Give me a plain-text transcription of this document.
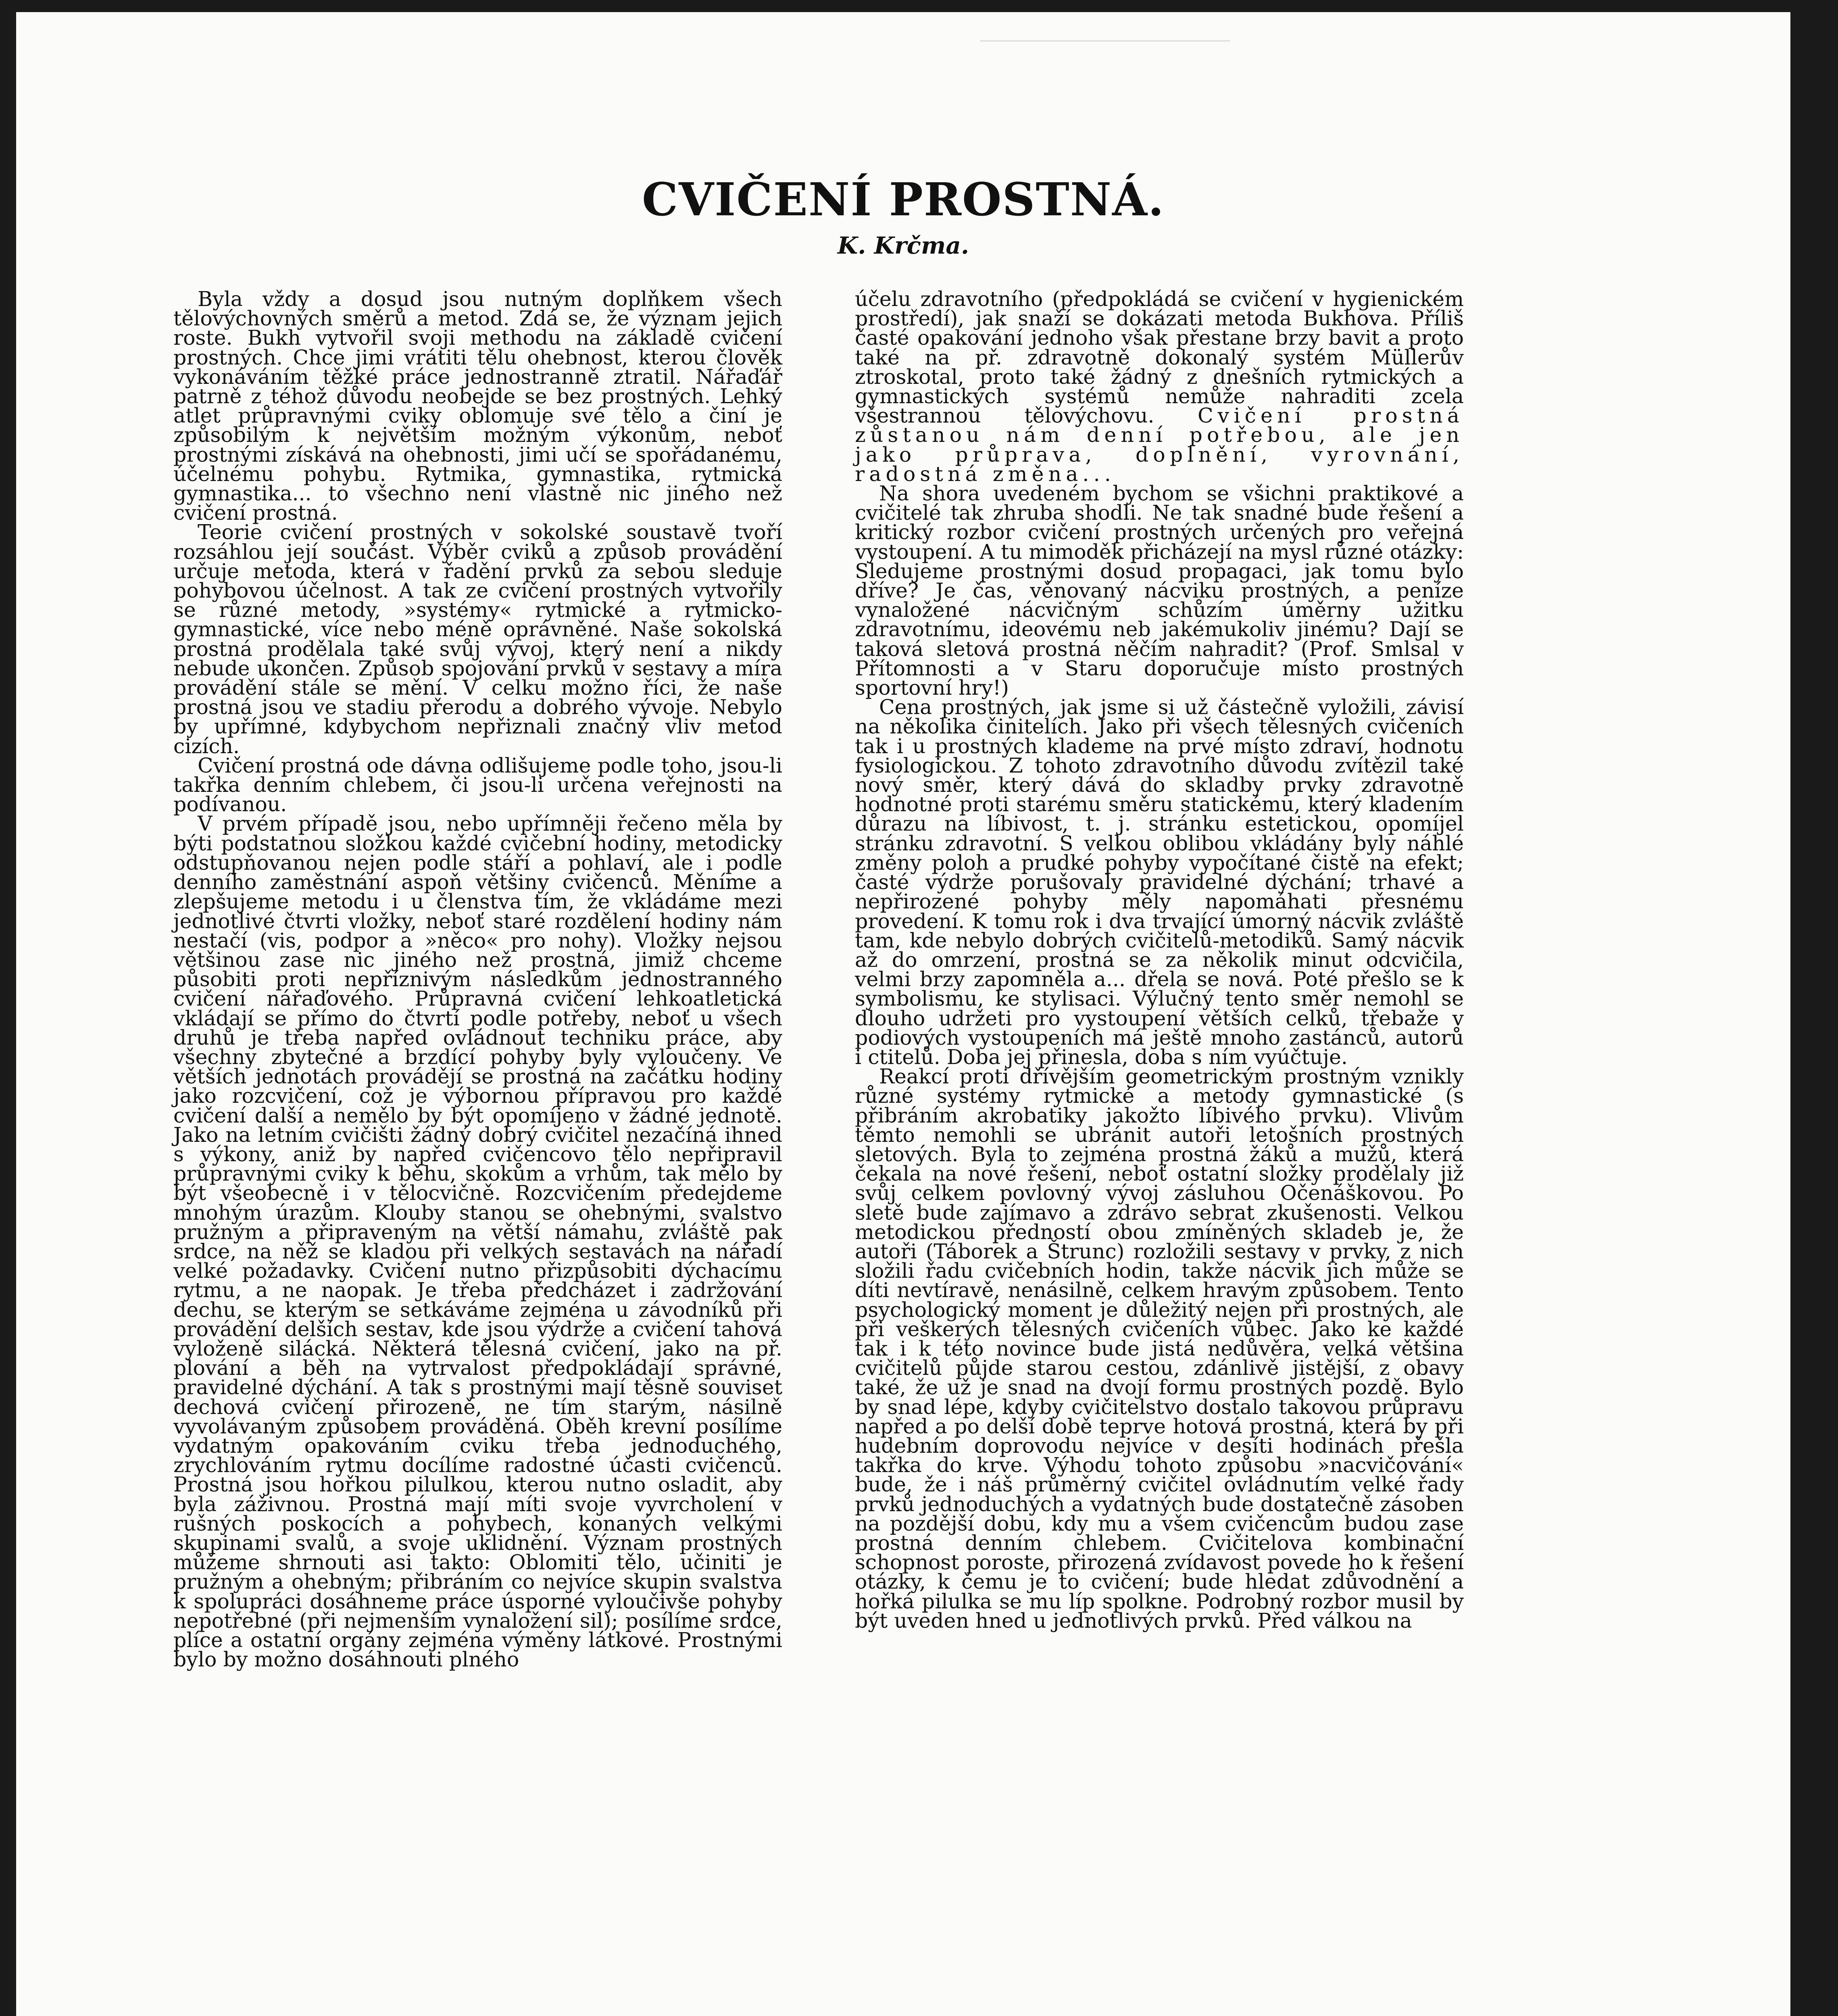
CVIČENÍ PROSTNÁ.

K. Krčma.

Byla vždy a dosud jsou nutným doplňkem všech tělovýchovných směrů a metod. Zdá se, že význam jejich roste. Bukh vytvořil svoji methodu na základě cvičení prostných. Chce jimi vrátiti tělu ohebnost, kterou člověk vykonáváním těžké práce jednostranně ztratil. Nářaďář patrně z téhož důvodu neobejde se bez prostných. Lehký atlet průpravnými cviky oblomuje své tělo a činí je způsobilým k největším možným výkonům, neboť prostnými získává na ohebnosti, jimi učí se spořádanému, účelnému pohybu. Rytmika, gymnastika, rytmická gymnastika... to všechno není vlastně nic jiného než cvičení prostná.

Teorie cvičení prostných v sokolské soustavě tvoří rozsáhlou její součást. Výběr cviků a způsob provádění určuje metoda, která v řadění prvků za sebou sleduje pohybovou účelnost. A tak ze cvičení prostných vytvořily se různé metody, »systémy« rytmické a rytmicko-gymnastické, více nebo méně oprávněné. Naše sokolská prostná prodělala také svůj vývoj, který není a nikdy nebude ukončen. Způsob spojování prvků v sestavy a míra provádění stále se mění. V celku možno říci, že naše prostná jsou ve stadiu přerodu a dobrého vývoje. Nebylo by upřímné, kdybychom nepřiznali značný vliv metod cizích.

Cvičení prostná ode dávna odlišujeme podle toho, jsou-li takřka denním chlebem, či jsou-li určena veřejnosti na podívanou.

V prvém případě jsou, nebo upřímněji řečeno měla by býti podstatnou složkou každé cvičební hodiny, metodicky odstupňovanou nejen podle stáří a pohlaví, ale i podle denního zaměstnání aspoň většiny cvičenců. Měníme a zlepšujeme metodu i u členstva tím, že vkládáme mezi jednotlivé čtvrti vložky, neboť staré rozdělení hodiny nám nestačí (vis, podpor a »něco« pro nohy). Vložky nejsou většinou zase nic jiného než prostná, jimiž chceme působiti proti nepříznivým následkům jednostranného cvičení nářaďového. Průpravná cvičení lehkoatletická vkládají se přímo do čtvrtí podle potřeby, neboť u všech druhů je třeba napřed ovládnout techniku práce, aby všechny zbytečné a brzdící pohyby byly vyloučeny. Ve větších jednotách provádějí se prostná na začátku hodiny jako rozcvičení, což je výbornou přípravou pro každé cvičení další a nemělo by být opomíjeno v žádné jednotě. Jako na letním cvičišti žádný dobrý cvičitel nezačíná ihned s výkony, aniž by napřed cvičencovo tělo nepřipravil průpravnými cviky k běhu, skokům a vrhům, tak mělo by být všeobecně i v tělocvičně. Rozcvičením předejdeme mnohým úrazům. Klouby stanou se ohebnými, svalstvo pružným a připraveným na větší námahu, zvláště pak srdce, na něž se kladou při velkých sestavách na nářadí velké požadavky. Cvičení nutno přizpůsobiti dýchacímu rytmu, a ne naopak. Je třeba předcházet i zadržování dechu, se kterým se setkáváme zejména u závodníků při provádění delších sestav, kde jsou výdrže a cvičení tahová vyloženě silácká. Některá tělesná cvičení, jako na př. plování a běh na vytrvalost předpokládají správné, pravidelné dýchání. A tak s prostnými mají těsně souviset dechová cvičení přirozeně, ne tím starým, násilně vyvolávaným způsobem prováděná. Oběh krevní posílíme vydatným opakováním cviku třeba jednoduchého, zrychlováním rytmu docílíme radostné účasti cvičenců. Prostná jsou hořkou pilulkou, kterou nutno osladit, aby byla záživnou. Prostná mají míti svoje vyvrcholení v rušných poskocích a pohybech, konaných velkými skupinami svalů, a svoje uklidnění. Význam prostných můžeme shrnouti asi takto: Oblomiti tělo, učiniti je pružným a ohebným; přibráním co nejvíce skupin svalstva k spolupráci dosáhneme práce úsporné vyloučivše pohyby nepotřebné (při nejmenším vynaložení sil); posílíme srdce, plíce a ostatní orgány zejména výměny látkové. Prostnými bylo by možno dosáhnouti plného

účelu zdravotního (předpokládá se cvičení v hygienickém prostředí), jak snaží se dokázati metoda Bukhova. Příliš časté opakování jednoho však přestane brzy bavit a proto také na př. zdravotně dokonalý systém Müllerův ztroskotal, proto také žádný z dnešních rytmických a gymnastických systémů nemůže nahraditi zcela všestrannou tělovýchovu. Cvičení prostná zůstanou nám denní potřebou, ale jen jako průprava, doplnění, vyrovnání, radostná změna...

Na shora uvedeném bychom se všichni praktikové a cvičitelé tak zhruba shodli. Ne tak snadné bude řešení a kritický rozbor cvičení prostných určených pro veřejná vystoupení. A tu mimoděk přicházejí na mysl různé otázky: Sledujeme prostnými dosud propagaci, jak tomu bylo dříve? Je čas, věnovaný nácviku prostných, a peníze vynaložené nácvičným schůzím úměrny užitku zdravotnímu, ideovému neb jakémukoliv jinému? Dají se taková sletová prostná něčím nahradit? (Prof. Smlsal v Přítomnosti a v Staru doporučuje místo prostných sportovní hry!)

Cena prostných, jak jsme si už částečně vyložili, závisí na několika činitelích. Jako při všech tělesných cvičeních tak i u prostných klademe na prvé místo zdraví, hodnotu fysiologickou. Z tohoto zdravotního důvodu zvítězil také nový směr, který dává do skladby prvky zdravotně hodnotné proti starému směru statickému, který kladením důrazu na líbivost, t. j. stránku estetickou, opomíjel stránku zdravotní. S velkou oblibou vkládány byly náhlé změny poloh a prudké pohyby vypočítané čistě na efekt; časté výdrže porušovaly pravidelné dýchání; trhavé a nepřirozené pohyby měly napomáhati přesnému provedení. K tomu rok i dva trvající úmorný nácvik zvláště tam, kde nebylo dobrých cvičitelů-metodiků. Samý nácvik až do omrzení, prostná se za několik minut odcvičila, velmi brzy zapomněla a... dřela se nová. Poté přešlo se k symbolismu, ke stylisaci. Výlučný tento směr nemohl se dlouho udržeti pro vystoupení větších celků, třebaže v podiových vystoupeních má ještě mnoho zastánců, autorů i ctitelů. Doba jej přinesla, doba s ním vyúčtuje.

Reakcí proti dřívějším geometrickým prostným vznikly různé systémy rytmické a metody gymnastické (s přibráním akrobatiky jakožto líbivého prvku). Vlivům těmto nemohli se ubránit autoři letošních prostných sletových. Byla to zejména prostná žáků a mužů, která čekala na nové řešení, neboť ostatní složky prodělaly již svůj celkem povlovný vývoj zásluhou Očenáškovou. Po sletě bude zajímavo a zdrávo sebrat zkušenosti. Velkou metodickou předností obou zmíněných skladeb je, že autoři (Táborek a Štrunc) rozložili sestavy v prvky, z nich složili řadu cvičebních hodin, takže nácvik jich může se díti nevtíravě, nenásilně, celkem hravým způsobem. Tento psychologický moment je důležitý nejen při prostných, ale při veškerých tělesných cvičeních vůbec. Jako ke každé tak i k této novince bude jistá nedůvěra, velká většina cvičitelů půjde starou cestou, zdánlivě jistější, z obavy také, že už je snad na dvojí formu prostných pozdě. Bylo by snad lépe, kdyby cvičitelstvo dostalo takovou průpravu napřed a po delší době teprve hotová prostná, která by při hudebním doprovodu nejvíce v desíti hodinách přešla takřka do krve. Výhodu tohoto způsobu »nacvičování« bude, že i náš průměrný cvičitel ovládnutím velké řady prvků jednoduchých a vydatných bude dostatečně zásoben na pozdější dobu, kdy mu a všem cvičencům budou zase prostná denním chlebem. Cvičitelova kombinační schopnost poroste, přirozená zvídavost povede ho k řešení otázky, k čemu je to cvičení; bude hledat zdůvodnění a hořká pilulka se mu líp spolkne. Podrobný rozbor musil by být uveden hned u jednotlivých prvků. Před válkou na
